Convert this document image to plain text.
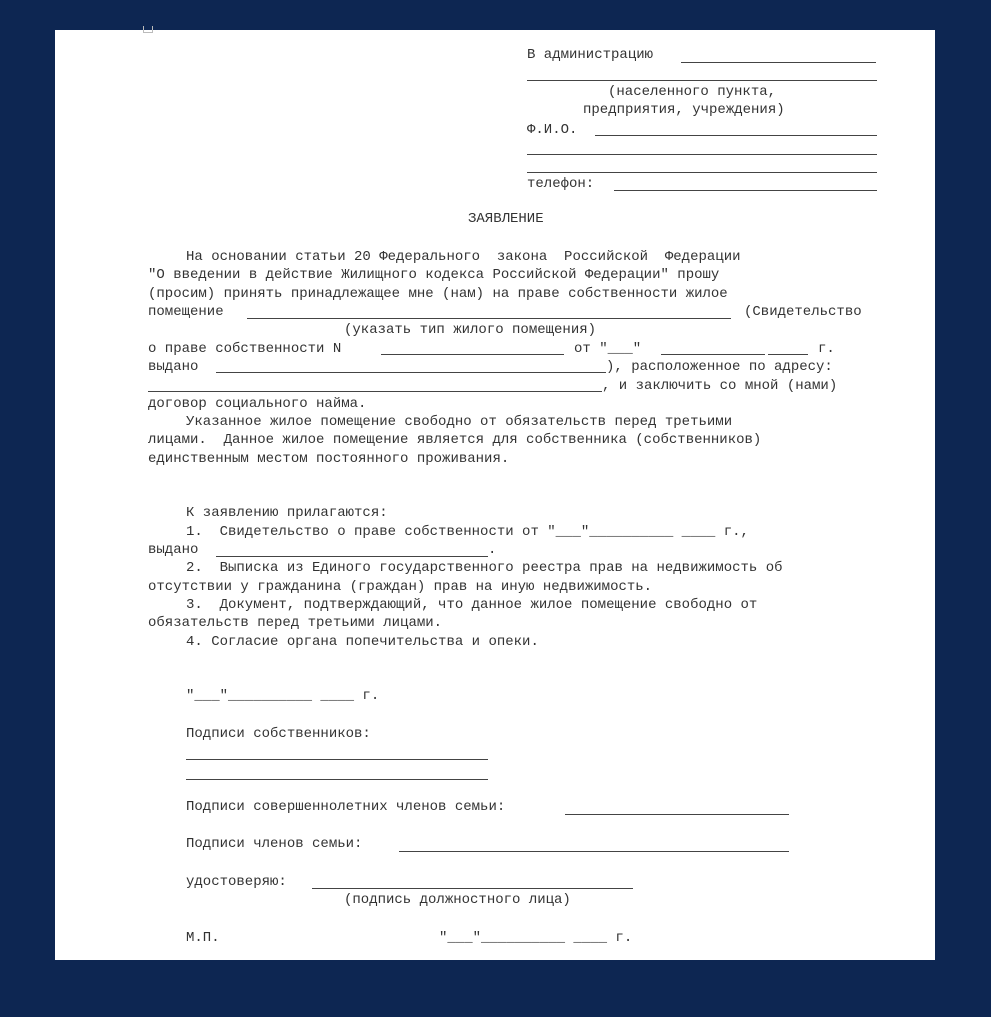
В администрацию
(населенного пункта,
предприятия, учреждения)
Ф.И.О.
телефон:
ЗАЯВЛЕНИЕ
На основании статьи 20 Федерального  закона  Российской  Федерации
"О введении в действие Жилищного кодекса Российской Федерации" прошу
(просим) принять принадлежащее мне (нам) на праве собственности жилое
помещение	(Свидетельство
(указать тип жилого помещения)
о праве собственности N	от "___"	г.
выдано	), расположенное по адресу:
, и заключить со мной (нами)
договор социального найма.
Указанное жилое помещение свободно от обязательств перед третьими
лицами.  Данное жилое помещение является для собственника (собственников)
единственным местом постоянного проживания.
К заявлению прилагаются:
1.  Свидетельство о праве собственности от "___"__________ ____ г.,
выдано	.
2.  Выписка из Единого государственного реестра прав на недвижимость об
отсутствии у гражданина (граждан) прав на иную недвижимость.
3.  Документ, подтверждающий, что данное жилое помещение свободно от
обязательств перед третьими лицами.
4. Согласие органа попечительства и опеки.
"___"__________ ____ г.
Подписи собственников:
Подписи совершеннолетних членов семьи:
Подписи членов семьи:
удостоверяю:
(подпись должностного лица)
М.П.	"___"__________ ____ г.
